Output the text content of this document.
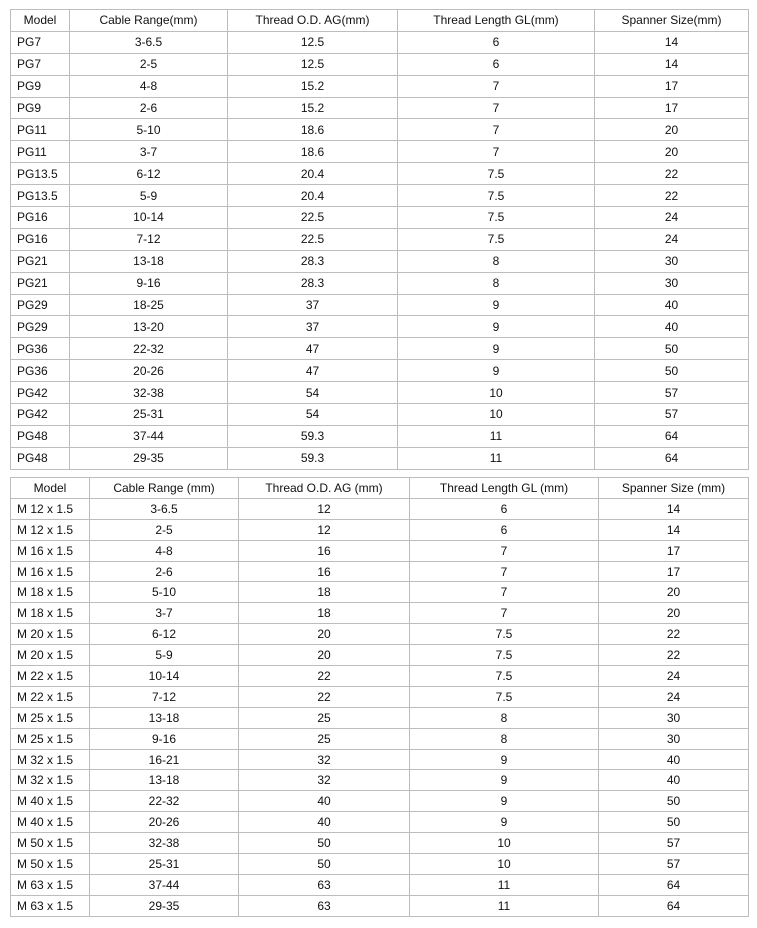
Model	Cable Range(mm)	Thread O.D. AG(mm)	Thread Length GL(mm)	Spanner Size(mm)
PG7	3-6.5	12.5	6	14
PG7	2-5	12.5	6	14
PG9	4-8	15.2	7	17
PG9	2-6	15.2	7	17
PG11	5-10	18.6	7	20
PG11	3-7	18.6	7	20
PG13.5	6-12	20.4	7.5	22
PG13.5	5-9	20.4	7.5	22
PG16	10-14	22.5	7.5	24
PG16	7-12	22.5	7.5	24
PG21	13-18	28.3	8	30
PG21	9-16	28.3	8	30
PG29	18-25	37	9	40
PG29	13-20	37	9	40
PG36	22-32	47	9	50
PG36	20-26	47	9	50
PG42	32-38	54	10	57
PG42	25-31	54	10	57
PG48	37-44	59.3	11	64
PG48	29-35	59.3	11	64
Model	Cable Range (mm)	Thread O.D. AG (mm)	Thread Length GL (mm)	Spanner Size (mm)
M 12 x 1.5	3-6.5	12	6	14
M 12 x 1.5	2-5	12	6	14
M 16 x 1.5	4-8	16	7	17
M 16 x 1.5	2-6	16	7	17
M 18 x 1.5	5-10	18	7	20
M 18 x 1.5	3-7	18	7	20
M 20 x 1.5	6-12	20	7.5	22
M 20 x 1.5	5-9	20	7.5	22
M 22 x 1.5	10-14	22	7.5	24
M 22 x 1.5	7-12	22	7.5	24
M 25 x 1.5	13-18	25	8	30
M 25 x 1.5	9-16	25	8	30
M 32 x 1.5	16-21	32	9	40
M 32 x 1.5	13-18	32	9	40
M 40 x 1.5	22-32	40	9	50
M 40 x 1.5	20-26	40	9	50
M 50 x 1.5	32-38	50	10	57
M 50 x 1.5	25-31	50	10	57
M 63 x 1.5	37-44	63	11	64
M 63 x 1.5	29-35	63	11	64
